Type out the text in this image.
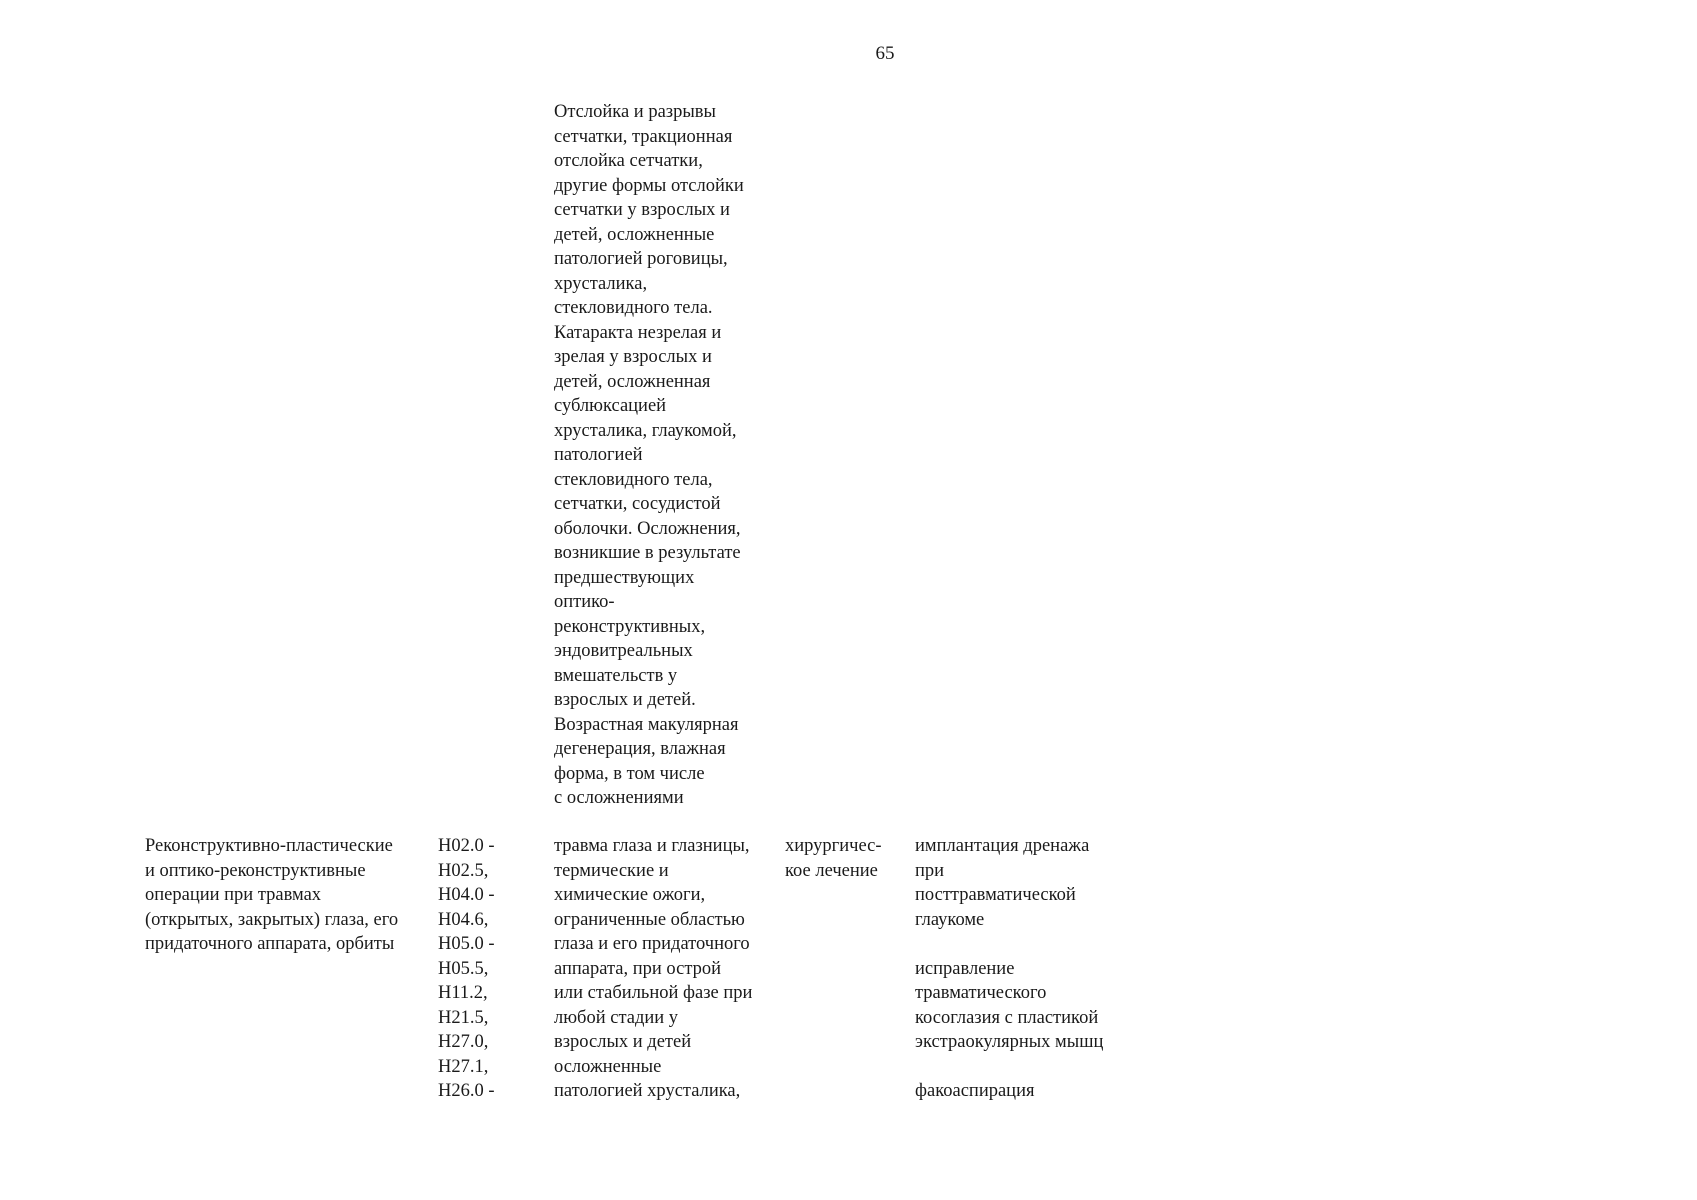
65
Отслойка и разрывы
сетчатки, тракционная
отслойка сетчатки,
другие формы отслойки
сетчатки у взрослых и
детей, осложненные
патологией роговицы,
хрусталика,
стекловидного тела.
Катаракта незрелая и
зрелая у взрослых и
детей, осложненная
сублюксацией
хрусталика, глаукомой,
патологией
стекловидного тела,
сетчатки, сосудистой
оболочки. Осложнения,
возникшие в результате
предшествующих
оптико-
реконструктивных,
эндовитреальных
вмешательств у
взрослых и детей.
Возрастная макулярная
дегенерация, влажная
форма, в том числе
с осложнениями
Реконструктивно-пластические
и оптико-реконструктивные
операции при травмах
(открытых, закрытых) глаза, его
придаточного аппарата, орбиты
H02.0 -
H02.5,
H04.0 -
H04.6,
H05.0 -
H05.5,
H11.2,
H21.5,
H27.0,
H27.1,
H26.0 -
травма глаза и глазницы,
термические и
химические ожоги,
ограниченные областью
глаза и его придаточного
аппарата, при острой
или стабильной фазе при
любой стадии у
взрослых и детей
осложненные
патологией хрусталика,
хирургичес-
кое лечение
имплантация дренажа
при
посттравматической
глаукоме

исправление
травматического
косоглазия с пластикой
экстраокулярных мышц

факоаспирация
